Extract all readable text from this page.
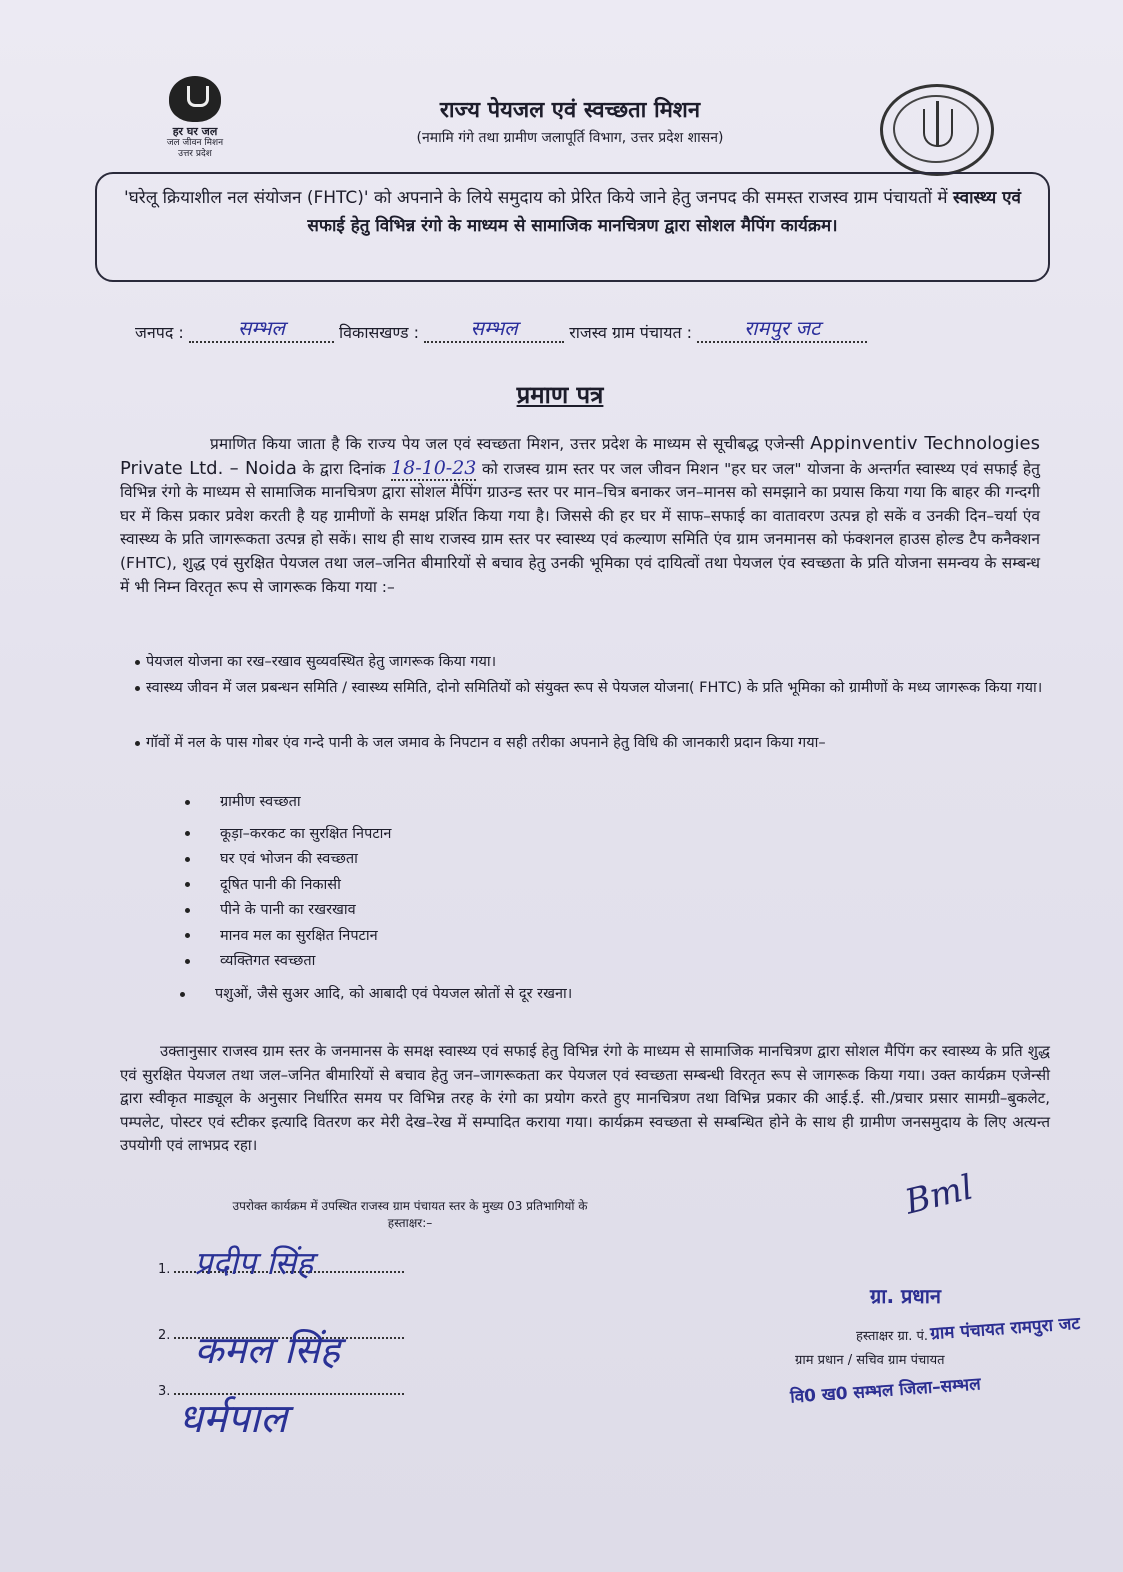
हर घर जल
जल जीवन मिशन
उत्तर प्रदेश
राज्य पेयजल एवं स्वच्छता मिशन
(नमामि गंगे तथा ग्रामीण जलापूर्ति विभाग, उत्तर प्रदेश शासन)
'घरेलू क्रियाशील नल संयोजन (FHTC)' को अपनाने के लिये समुदाय को प्रेरित किये जाने हेतु जनपद की समस्त राजस्व ग्राम पंचायतों में स्वास्थ्य एवं सफाई हेतु विभिन्न रंगो के माध्यम से सामाजिक मानचित्रण द्वारा सोशल मैपिंग कार्यक्रम।
जनपद :	सम्भल	विकासखण्ड :	सम्भल	राजस्व ग्राम पंचायत :	रामपुर जट
प्रमाण पत्र
प्रमाणित किया जाता है कि राज्य पेय जल एवं स्वच्छता मिशन, उत्तर प्रदेश के माध्यम से सूचीबद्ध एजेन्सी Appinventiv Technologies Private Ltd. – Noida के द्वारा दिनांक 18-10-23 को राजस्व ग्राम स्तर पर जल जीवन मिशन "हर घर जल" योजना के अन्तर्गत स्वास्थ्य एवं सफाई हेतु विभिन्न रंगो के माध्यम से सामाजिक मानचित्रण द्वारा सोशल मैपिंग ग्राउन्ड स्तर पर मान–चित्र बनाकर जन–मानस को समझाने का प्रयास किया गया कि बाहर की गन्दगी घर में किस प्रकार प्रवेश करती है यह ग्रामीणों के समक्ष प्रर्शित किया गया है। जिससे की हर घर में साफ–सफाई का वातावरण उत्पन्न हो सकें व उनकी दिन–चर्या एंव स्वास्थ्य के प्रति जागरूकता उत्पन्न हो सकें। साथ ही साथ राजस्व ग्राम स्तर पर स्वास्थ्य एवं कल्याण समिति एंव ग्राम जनमानस को फंक्शनल हाउस होल्ड टैप कनैक्शन (FHTC), शुद्ध एवं सुरक्षित पेयजल तथा जल–जनित बीमारियों से बचाव हेतु उनकी भूमिका एवं दायित्वों तथा पेयजल एंव स्वच्छता के प्रति योजना समन्वय के सम्बन्ध में भी निम्न विरतृत रूप से जागरूक किया गया :–
पेयजल योजना का रख–रखाव सुव्यवस्थित हेतु जागरूक किया गया।
स्वास्थ्य जीवन में जल प्रबन्धन समिति / स्वास्थ्य समिति, दोनो समितियों को संयुक्त रूप से पेयजल योजना( FHTC) के प्रति भूमिका को ग्रामीणों के मध्य जागरूक किया गया।
गॉवों में नल के पास गोबर एंव गन्दे पानी के जल जमाव के निपटान व सही तरीका अपनाने हेतु विधि की जानकारी प्रदान किया गया–
ग्रामीण स्वच्छता
कूड़ा–करकट का सुरक्षित निपटान
घर एवं भोजन की स्वच्छता
दूषित पानी की निकासी
पीने के पानी का रखरखाव
मानव मल का सुरक्षित निपटान
व्यक्तिगत स्वच्छता
पशुओं, जैसे सुअर आदि, को आबादी एवं पेयजल स्रोतों से दूर रखना।
उक्तानुसार राजस्व ग्राम स्तर के जनमानस के समक्ष स्वास्थ्य एवं सफाई हेतु विभिन्न रंगो के माध्यम से सामाजिक मानचित्रण द्वारा सोशल मैपिंग कर स्वास्थ्य के प्रति शुद्ध एवं सुरक्षित पेयजल तथा जल–जनित बीमारियों से बचाव हेतु जन–जागरूकता कर पेयजल एवं स्वच्छता सम्बन्धी विरतृत रूप से जागरूक किया गया। उक्त कार्यक्रम एजेन्सी द्वारा स्वीकृत माड्यूल के अनुसार निर्धारित समय पर विभिन्न तरह के रंगो का प्रयोग करते हुए मानचित्रण तथा विभिन्न प्रकार की आई.ई. सी./प्रचार प्रसार सामग्री–बुकलेट, पम्पलेट, पोस्टर एवं स्टीकर इत्यादि वितरण कर मेरी देख–रेख में सम्पादित कराया गया। कार्यक्रम स्वच्छता से सम्बन्धित होने के साथ ही ग्रामीण जनसमुदाय के लिए अत्यन्त उपयोगी एवं लाभप्रद रहा।
उपरोक्त कार्यक्रम में उपस्थित राजस्व ग्राम पंचायत स्तर के मुख्य 03 प्रतिभागियों के
हस्ताक्षर:–
1. प्रदीप सिंह
2. कमल सिंह
3.
धर्मपाल
Bml
ग्रा. प्रधान
हस्ताक्षर ग्रा. पं. ग्राम पंचायत रामपुरा जट
ग्राम प्रधान / सचिव ग्राम पंचायत
वि0 ख0 सम्भल जिला–सम्भल
